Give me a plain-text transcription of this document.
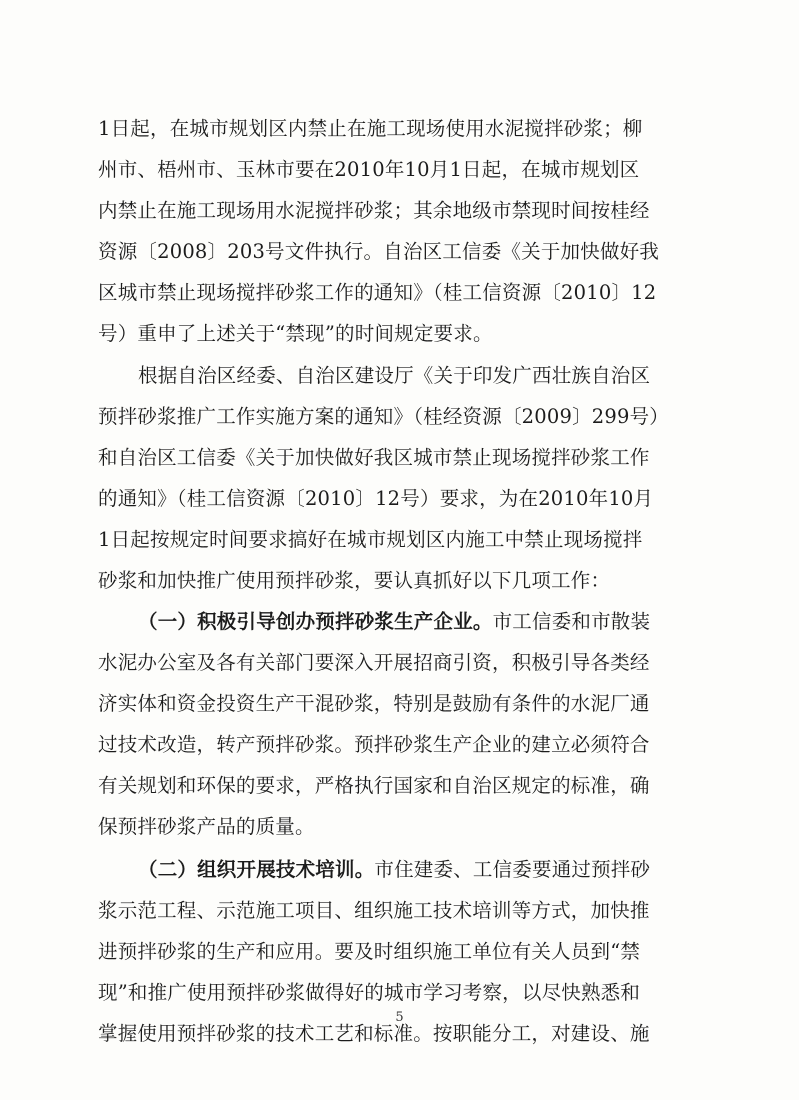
1日起，在城市规划区内禁止在施工现场使用水泥搅拌砂浆；柳
州市、梧州市、玉林市要在2010年10月1日起，在城市规划区
内禁止在施工现场用水泥搅拌砂浆；其余地级市禁现时间按桂经
资源〔2008〕203号文件执行。自治区工信委《关于加快做好我
区城市禁止现场搅拌砂浆工作的通知》（桂工信资源〔2010〕12
号）重申了上述关于“禁现”的时间规定要求。
根据自治区经委、自治区建设厅《关于印发广西壮族自治区
预拌砂浆推广工作实施方案的通知》（桂经资源〔2009〕299号）
和自治区工信委《关于加快做好我区城市禁止现场搅拌砂浆工作
的通知》（桂工信资源〔2010〕12号）要求，为在2010年10月
1日起按规定时间要求搞好在城市规划区内施工中禁止现场搅拌
砂浆和加快推广使用预拌砂浆，要认真抓好以下几项工作：
（一）积极引导创办预拌砂浆生产企业。市工信委和市散装
水泥办公室及各有关部门要深入开展招商引资，积极引导各类经
济实体和资金投资生产干混砂浆，特别是鼓励有条件的水泥厂通
过技术改造，转产预拌砂浆。预拌砂浆生产企业的建立必须符合
有关规划和环保的要求，严格执行国家和自治区规定的标准，确
保预拌砂浆产品的质量。
（二）组织开展技术培训。市住建委、工信委要通过预拌砂
浆示范工程、示范施工项目、组织施工技术培训等方式，加快推
进预拌砂浆的生产和应用。要及时组织施工单位有关人员到“禁
现”和推广使用预拌砂浆做得好的城市学习考察，以尽快熟悉和
掌握使用预拌砂浆的技术工艺和标准。按职能分工，对建设、施
5
